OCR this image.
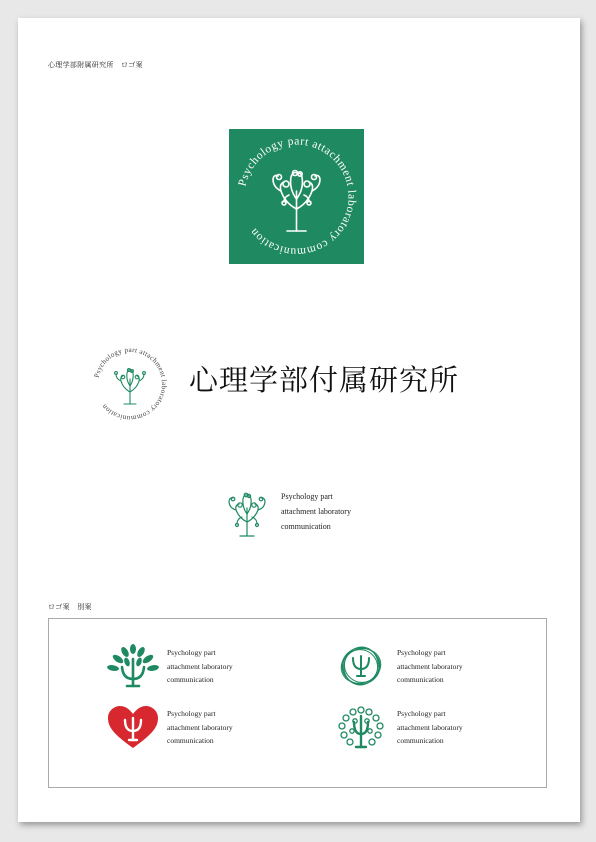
心理学部附属研究所　ロゴ案
Psychology part attachment laboratory communication
Psychology part attachment laboratory communication
心理学部付属研究所
Psychology part
attachment laboratory
communication
ロゴ案　別案
Psychology part
attachment laboratory
communication
Psychology part
attachment laboratory
communication
Psychology part
attachment laboratory
communication
Psychology part
attachment laboratory
communication
